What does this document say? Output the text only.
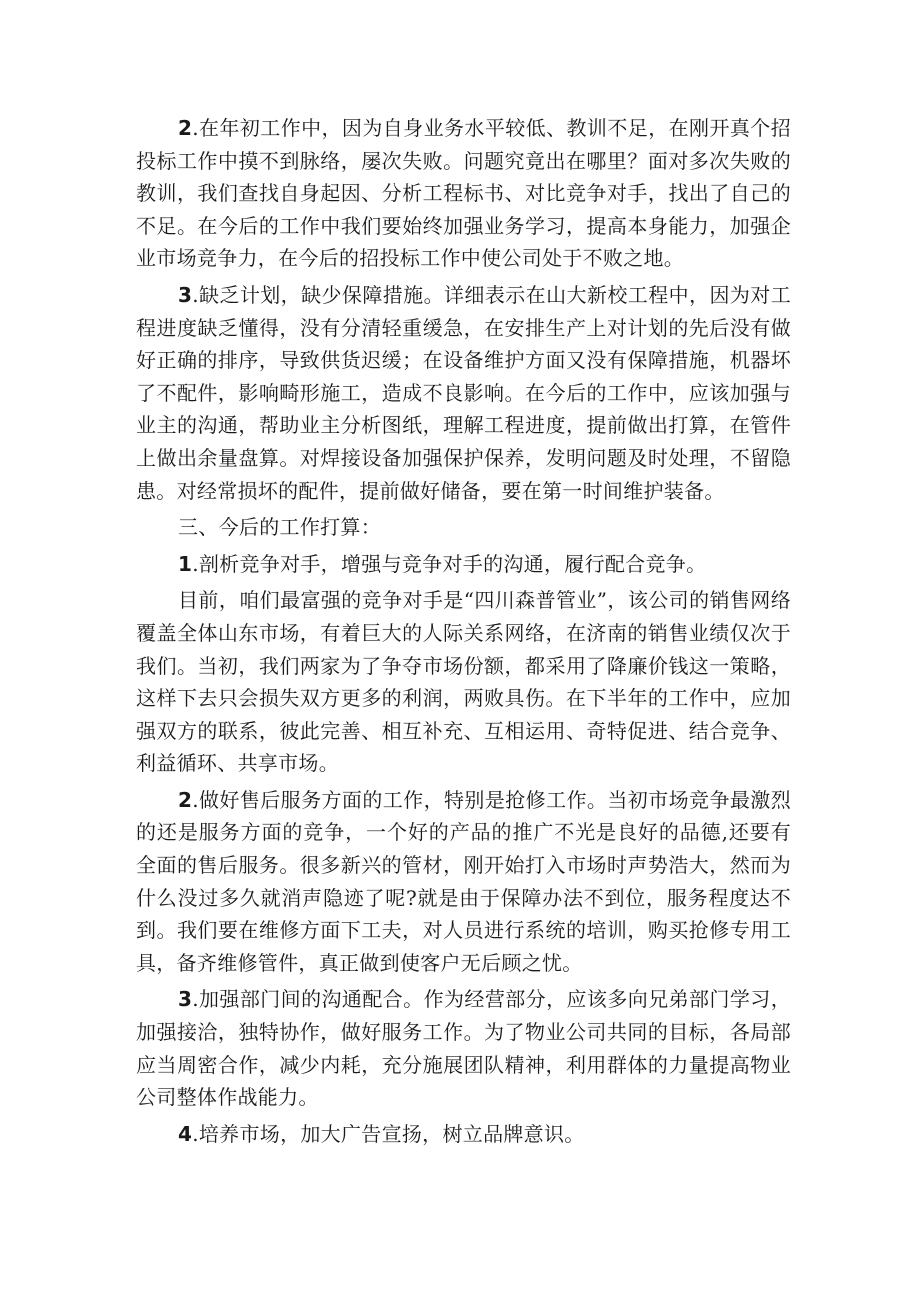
2.在年初工作中，因为自身业务水平较低、教训不足，在刚开真个招投标工作中摸不到脉络，屡次失败。问题究竟出在哪里？面对多次失败的教训，我们查找自身起因、分析工程标书、对比竞争对手，找出了自己的不足。在今后的工作中我们要始终加强业务学习，提高本身能力，加强企业市场竞争力，在今后的招投标工作中使公司处于不败之地。

3.缺乏计划，缺少保障措施。详细表示在山大新校工程中，因为对工程进度缺乏懂得，没有分清轻重缓急，在安排生产上对计划的先后没有做好正确的排序，导致供货迟缓；在设备维护方面又没有保障措施，机器坏了不配件，影响畸形施工，造成不良影响。在今后的工作中，应该加强与业主的沟通，帮助业主分析图纸，理解工程进度，提前做出打算，在管件上做出余量盘算。对焊接设备加强保护保养，发明问题及时处理，不留隐患。对经常损坏的配件，提前做好储备，要在第一时间维护装备。

三、今后的工作打算：

1.剖析竞争对手，增强与竞争对手的沟通，履行配合竞争。

目前，咱们最富强的竞争对手是“四川森普管业”，该公司的销售网络覆盖全体山东市场，有着巨大的人际关系网络，在济南的销售业绩仅次于我们。当初，我们两家为了争夺市场份额，都采用了降廉价钱这一策略，这样下去只会损失双方更多的利润，两败具伤。在下半年的工作中，应加强双方的联系，彼此完善、相互补充、互相运用、奇特促进、结合竞争、利益循环、共享市场。

2.做好售后服务方面的工作，特别是抢修工作。当初市场竞争最激烈的还是服务方面的竞争，一个好的产品的推广不光是良好的品德,还要有全面的售后服务。很多新兴的管材，刚开始打入市场时声势浩大，然而为什么没过多久就消声隐迹了呢?就是由于保障办法不到位，服务程度达不到。我们要在维修方面下工夫，对人员进行系统的培训，购买抢修专用工具，备齐维修管件，真正做到使客户无后顾之忧。

3.加强部门间的沟通配合。作为经营部分，应该多向兄弟部门学习，加强接洽，独特协作，做好服务工作。为了物业公司共同的目标，各局部应当周密合作，减少内耗，充分施展团队精神，利用群体的力量提高物业公司整体作战能力。

4.培养市场，加大广告宣扬，树立品牌意识。
